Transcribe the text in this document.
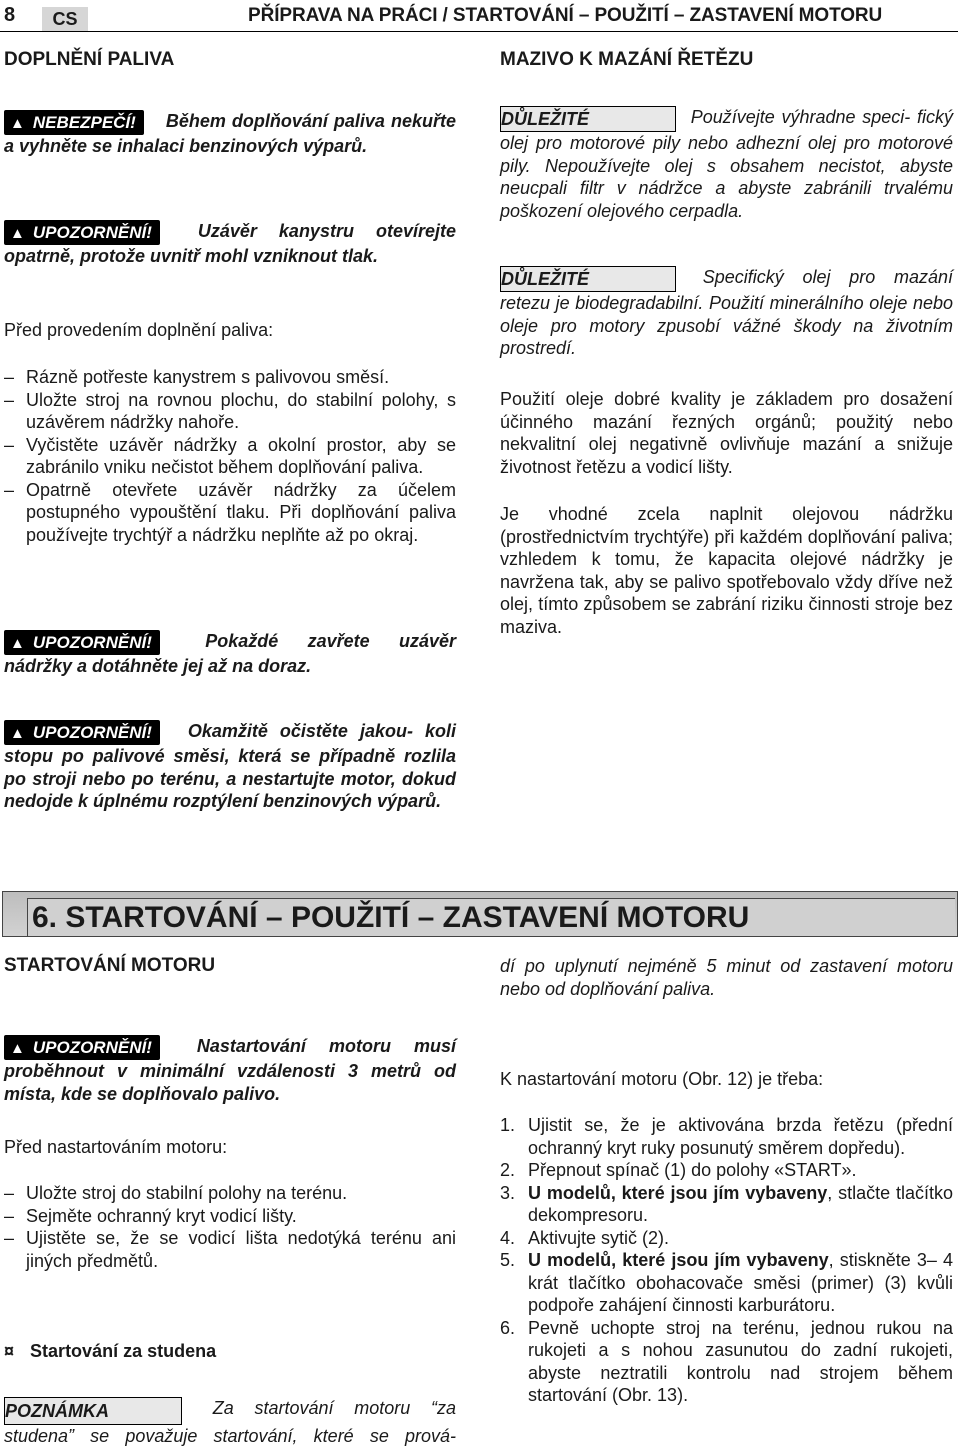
8	CS	PŘÍPRAVA NA PRÁCI / STARTOVÁNÍ – POUŽITÍ – ZASTAVENÍ MOTORU
DOPLNĚNÍ PALIVA

▲ NEBEZPEČÍ! Během doplňování paliva nekuřte a vyhněte se inhalaci benzinových výparů.

▲ UPOZORNĚNÍ!	Uzávěr kanystru otevírejte opatrně, protože uvnitř mohl vzniknout tlak.

Před provedením doplnění paliva:
– Rázně potřeste kanystrem s palivovou směsí.
– Uložte stroj na rovnou plochu, do stabilní polohy, s uzávěrem nádržky nahoře.
– Vyčistěte uzávěr nádržky a okolní prostor, aby se zabránilo vniku nečistot během doplňování paliva.
– Opatrně otevřete uzávěr nádržky za účelem postupného vypouštění tlaku. Při doplňování paliva používejte trychtýř a nádržku neplňte až po okraj.

▲ UPOZORNĚNÍ!	Pokaždé zavřete uzávěr nádržky a dotáhněte jej až na doraz.

▲ UPOZORNĚNÍ! Okamžitě očistěte jakou- koli stopu po palivové směsi, která se případně rozlila po stroji nebo po terénu, a nestartujte motor, dokud nedojde k úplnému rozptýlení benzinových výparů.

MAZIVO K MAZÁNÍ ŘETĚZU

DŮLEŽITÉ	Používejte výhradne speci- fický olej pro motorové pily nebo adhezní olej pro motorové pily. Nepoužívejte olej s obsahem necistot, abyste neucpali filtr v nádržce a abyste zabránili trvalému poškození olejového cerpadla.

DŮLEŽITÉ	Specifický olej pro mazání retezu je biodegradabilní. Použití minerálního oleje nebo oleje pro motory zpusobí vážné škody na životním prostredí.

Použití oleje dobré kvality je základem pro dosažení účinného mazání řezných orgánů; použitý nebo nekvalitní olej negativně ovlivňuje mazání a snižuje životnost řetězu a vodicí lišty.
Je vhodné zcela naplnit olejovou nádržku (prostřednictvím trychtýře) při každém doplňování paliva; vzhledem k tomu, že kapacita olejové nádržky je navržena tak, aby se palivo spotřebovalo vždy dříve než olej, tímto způsobem se zabrání riziku činnosti stroje bez maziva.
6. STARTOVÁNÍ – POUŽITÍ – ZASTAVENÍ MOTORU
STARTOVÁNÍ MOTORU

▲ UPOZORNĚNÍ!	Nastartování motoru musí proběhnout v minimální vzdálenosti 3 metrů od místa, kde se doplňovalo palivo.

Před nastartováním motoru:
– Uložte stroj do stabilní polohy na terénu.
– Sejměte ochranný kryt vodicí lišty.
– Ujistěte se, že se vodicí lišta nedotýká terénu ani jiných předmětů.
¤ Startování za studena

POZNÁMKA	Za startování motoru “za studena” se považuje startování, které se prová-

dí po uplynutí nejméně 5 minut od zastavení motoru nebo od doplňování paliva.
K nastartování motoru (Obr. 12) je třeba:
1. Ujistit se, že je aktivována brzda řetězu (přední ochranný kryt ruky posunutý směrem dopředu).
2. Přepnout spínač (1) do polohy «START».
3. U modelů, které jsou jím vybaveny, stlačte tlačítko dekompresoru.
4. Aktivujte sytič (2).
5. U modelů, které jsou jím vybaveny, stiskněte 3– 4 krát tlačítko obohacovače směsi (primer) (3) kvůli podpoře zahájení činnosti karburátoru.
6. Pevně uchopte stroj na terénu, jednou rukou na rukojeti a s nohou zasunutou do zadní rukojeti, abyste neztratili kontrolu nad strojem během startování (Obr. 13).
